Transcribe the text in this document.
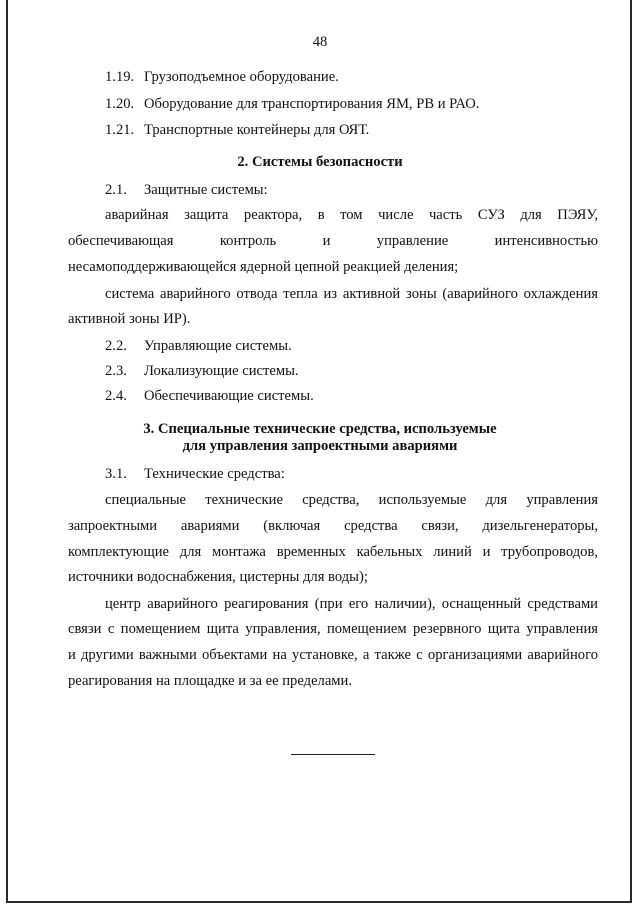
48
1.19. Грузоподъемное оборудование.
1.20. Оборудование для транспортирования ЯМ, РВ и РАО.
1.21. Транспортные контейнеры для ОЯТ.
2. Системы безопасности
2.1. Защитные системы:
аварийная защита реактора, в том числе часть СУЗ для ПЭЯУ,
обеспечивающая контроль и управление интенсивностью
несамоподдерживающейся ядерной цепной реакцией деления;
система аварийного отвода тепла из активной зоны (аварийного охлаждения
активной зоны ИР).
2.2. Управляющие системы.
2.3. Локализующие системы.
2.4. Обеспечивающие системы.
3. Специальные технические средства, используемые
для управления запроектными авариями
3.1. Технические средства:
специальные технические средства, используемые для управления
запроектными авариями (включая средства связи, дизельгенераторы,
комплектующие для монтажа временных кабельных линий и трубопроводов,
источники водоснабжения, цистерны для воды);
центр аварийного реагирования (при его наличии), оснащенный средствами
связи с помещением щита управления, помещением резервного щита управления
и другими важными объектами на установке, а также с организациями аварийного
реагирования на площадке и за ее пределами.
